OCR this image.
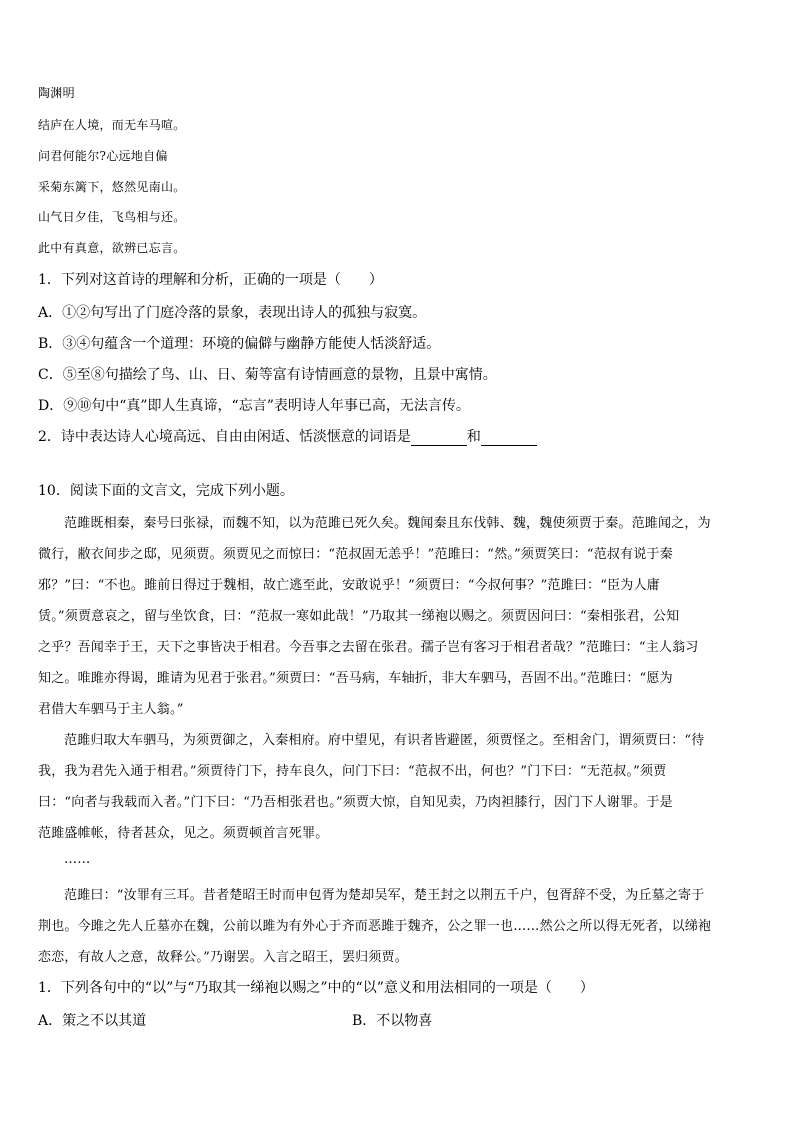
陶渊明
结庐在人境，而无车马喧。
问君何能尔?心远地自偏
采菊东篱下，悠然见南山。
山气日夕佳，飞鸟相与还。
此中有真意，欲辨已忘言。
1．下列对这首诗的理解和分析，正确的一项是（　　）
A．①②句写出了门庭冷落的景象，表现出诗人的孤独与寂寞。
B．③④句蕴含一个道理：环境的偏僻与幽静方能使人恬淡舒适。
C．⑤至⑧句描绘了鸟、山、日、菊等富有诗情画意的景物，且景中寓情。
D．⑨⑩句中“真”即人生真谛，“忘言”表明诗人年事已高，无法言传。
2．诗中表达诗人心境高远、自由由闲适、恬淡惬意的词语是	和
10．阅读下面的文言文，完成下列小题。
范雎既相秦，秦号曰张禄，而魏不知，以为范雎已死久矣。魏闻秦且东伐韩、魏，魏使须贾于秦。范雎闻之，为
微行，敝衣间步之邸，见须贾。须贾见之而惊曰：“范叔固无恙乎！”范雎曰：“然。”须贾笑曰：“范叔有说于秦
邪？”曰：“不也。雎前日得过于魏相，故亡逃至此，安敢说乎！”须贾曰：“今叔何事？”范雎曰：“臣为人庸
赁。”须贾意哀之，留与坐饮食，曰：“范叔一寒如此哉！”乃取其一绨袍以赐之。须贾因问曰：“秦相张君，公知
之乎？吾闻幸于王，天下之事皆决于相君。今吾事之去留在张君。孺子岂有客习于相君者哉？”范雎曰：“主人翁习
知之。唯雎亦得谒，雎请为见君于张君。”须贾曰：“吾马病，车轴折，非大车驷马，吾固不出。”范雎曰：“愿为
君借大车驷马于主人翁。”
范雎归取大车驷马，为须贾御之，入秦相府。府中望见，有识者皆避匿，须贾怪之。至相舍门，谓须贾曰：“待
我，我为君先入通于相君。”须贾待门下，持车良久，问门下曰：“范叔不出，何也？”门下曰：“无范叔。”须贾
曰：“向者与我载而入者。”门下曰：“乃吾相张君也。”须贾大惊，自知见卖，乃肉袒膝行，因门下人谢罪。于是
范雎盛帷帐，待者甚众，见之。须贾顿首言死罪。
……
范雎曰：“汝罪有三耳。昔者楚昭王时而申包胥为楚却吴军，楚王封之以荆五千户，包胥辞不受，为丘墓之寄于
荆也。今雎之先人丘墓亦在魏，公前以雎为有外心于齐而恶雎于魏齐，公之罪一也……然公之所以得无死者，以绨袍
恋恋，有故人之意，故释公。”乃谢罢。入言之昭王，罢归须贾。
1．下列各句中的“以”与“乃取其一绨袍以赐之”中的“以”意义和用法相同的一项是（　　）
A．策之不以其道	B．不以物喜
